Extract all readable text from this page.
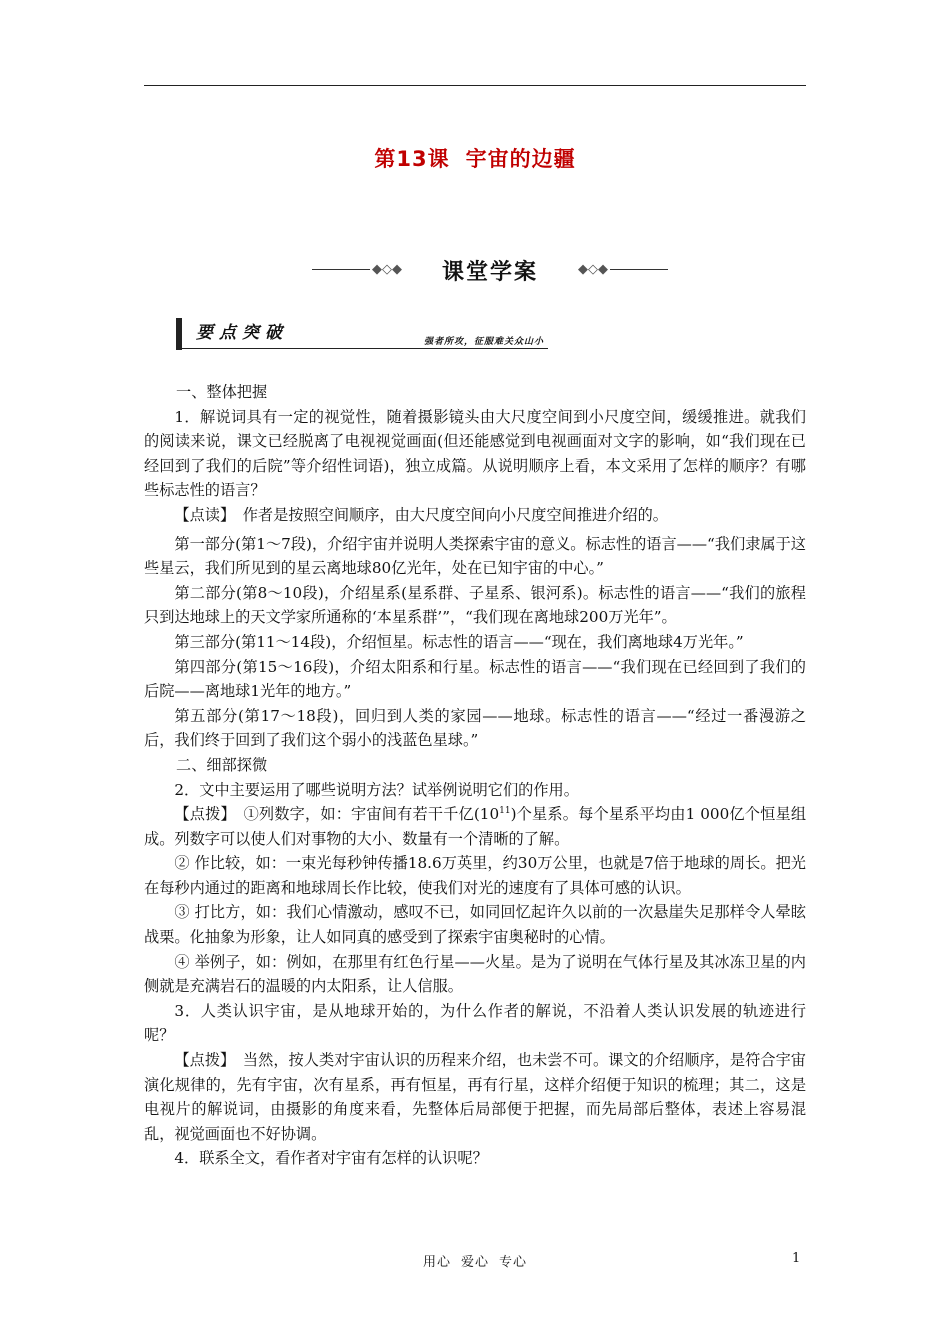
第13课 宇宙的边疆
◆◇◆	课堂学案	◆◇◆
要点突破	强者所攻，征服难关众山小

一、整体把握

1．解说词具有一定的视觉性，随着摄影镜头由大尺度空间到小尺度空间，缓缓推进。就我们的阅读来说，课文已经脱离了电视视觉画面(但还能感觉到电视画面对文字的影响，如“我们现在已经回到了我们的后院”等介绍性词语)，独立成篇。从说明顺序上看，本文采用了怎样的顺序？有哪些标志性的语言？

【点读】　作者是按照空间顺序，由大尺度空间向小尺度空间推进介绍的。

第一部分(第1～7段)，介绍宇宙并说明人类探索宇宙的意义。标志性的语言——“我们隶属于这些星云，我们所见到的星云离地球80亿光年，处在已知宇宙的中心。”

第二部分(第8～10段)，介绍星系(星系群、子星系、银河系)。标志性的语言——“我们的旅程只到达地球上的天文学家所通称的‘本星系群’”，“我们现在离地球200万光年”。

第三部分(第11～14段)，介绍恒星。标志性的语言——“现在，我们离地球4万光年。”

第四部分(第15～16段)，介绍太阳系和行星。标志性的语言——“我们现在已经回到了我们的后院——离地球1光年的地方。”

第五部分(第17～18段)，回归到人类的家园——地球。标志性的语言——“经过一番漫游之后，我们终于回到了我们这个弱小的浅蓝色星球。”

二、细部探微

2．文中主要运用了哪些说明方法？试举例说明它们的作用。

【点拨】　①列数字，如：宇宙间有若干千亿$(10^{11})$个星系。每个星系平均由1 000亿个恒星组成。列数字可以使人们对事物的大小、数量有一个清晰的了解。

② 作比较，如：一束光每秒钟传播18.6万英里，约30万公里，也就是7倍于地球的周长。把光在每秒内通过的距离和地球周长作比较，使我们对光的速度有了具体可感的认识。

③ 打比方，如：我们心情激动，感叹不已，如同回忆起许久以前的一次悬崖失足那样令人晕眩战栗。化抽象为形象，让人如同真的感受到了探索宇宙奥秘时的心情。

④ 举例子，如：例如，在那里有红色行星——火星。是为了说明在气体行星及其冰冻卫星的内侧就是充满岩石的温暖的内太阳系，让人信服。

3．人类认识宇宙，是从地球开始的，为什么作者的解说，不沿着人类认识发展的轨迹进行呢？

【点拨】　当然，按人类对宇宙认识的历程来介绍，也未尝不可。课文的介绍顺序，是符合宇宙演化规律的，先有宇宙，次有星系，再有恒星，再有行星，这样介绍便于知识的梳理；其二，这是电视片的解说词，由摄影的角度来看，先整体后局部便于把握，而先局部后整体，表述上容易混乱，视觉画面也不好协调。

4．联系全文，看作者对宇宙有怎样的认识呢？

用心 爱心 专心	1
